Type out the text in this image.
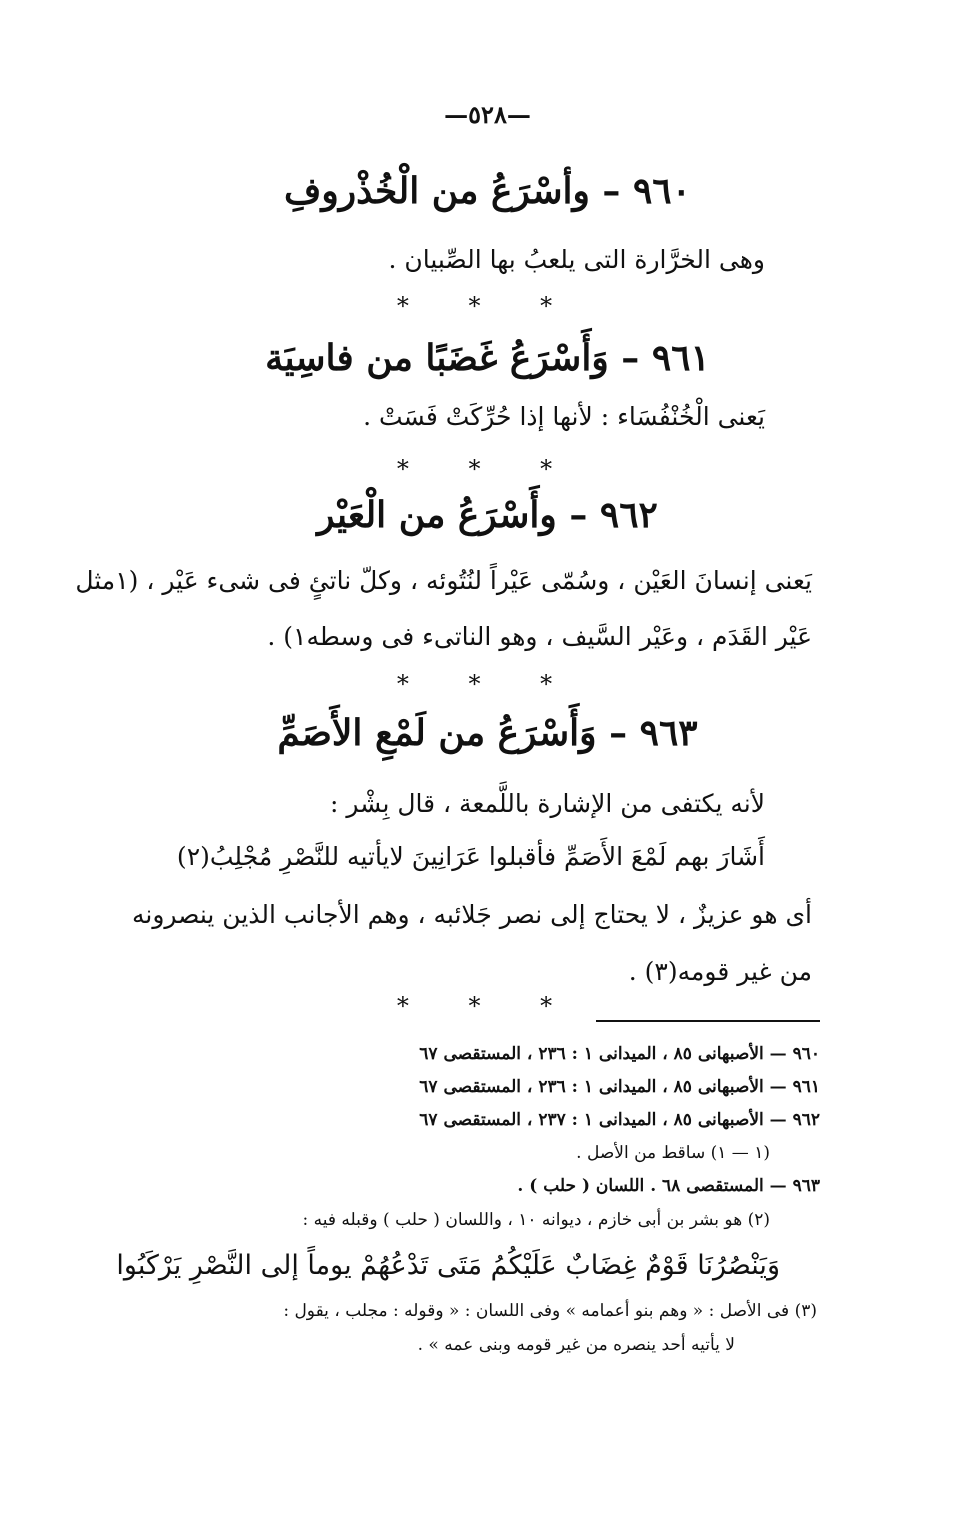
—٥٢٨—
٩٦٠ – وأسْرَعُ من الْخُذْروفِ
وهى الخرَّارة التى يلعبُ بها الصِّبيان .
* * *
٩٦١ – وَأَسْرَعُ غَضَبًا من فاسِيَة
يَعنى الْخُنْفُسَاء : لأنها إذا حُرِّكَتْ فَسَتْ .
* * *
٩٦٢ – وأَسْرَعُ من الْعَيْر
يَعنى إنسانَ العَيْن ، وسُمّى عَيْراً لنُتُوئه ، وكلّ ناتئٍ فى شىء عَيْر ، (١مثل
عَيْر القَدَم ، وعَيْر السَّيف ، وهو الناتىء فى وسطه١) .
* * *
٩٦٣ – وَأَسْرَعُ من لَمْعِ الأَصَمِّ
لأنه يكتفى من الإشارة باللَّمعة ، قال بِشْر :
أَشَارَ بهم لَمْعَ الأَصَمِّ فأقبلوا عَرَانِينَ لايأتيه للنَّصْرِ مُجْلِبُ(٢)
أى هو عزيزٌ ، لا يحتاج إلى نصر جَلائبه ، وهم الأجانب الذين ينصرونه
من غير قومه(٣) .
* * *
٩٦٠ — الأصبهانى ٨٥ ، الميدانى ١ : ٢٣٦ ، المستقصى ٦٧
٩٦١ — الأصبهانى ٨٥ ، الميدانى ١ : ٢٣٦ ، المستقصى ٦٧
٩٦٢ — الأصبهانى ٨٥ ، الميدانى ١ : ٢٣٧ ، المستقصى ٦٧
(١ — ١) ساقط من الأصل .
٩٦٣ — المستقصى ٦٨ . اللسان ( حلب ) .
(٢) هو بشر بن أبى خازم ، ديوانه ١٠ ، واللسان ( حلب ) وقبله فيه :
وَيَنْصُرُنَا قَوْمٌ غِضَابٌ عَلَيْكُمُ مَتَى تَدْعُهُمْ يوماً إلى النَّصْرِ يَرْكَبُوا
(٣) فى الأصل : « وهم بنو أعمامه » وفى اللسان : « وقوله : مجلب ، يقول :
لا يأتيه أحد ينصره من غير قومه وبنى عمه » .
